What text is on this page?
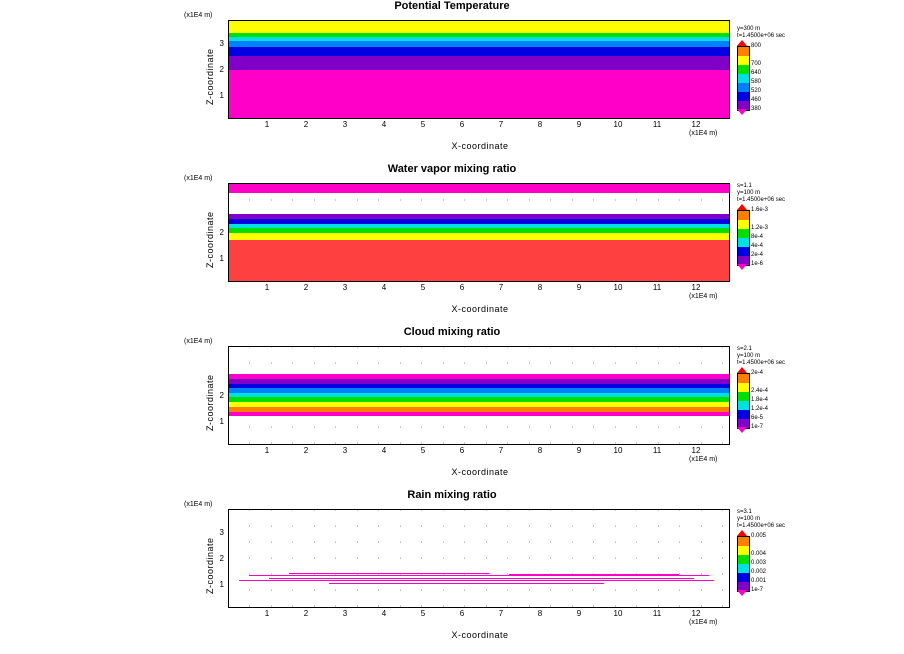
Potential Temperature
(x1E4 m)
Z-coordinate 1
2
3
1	2	3	4	5	6	7	8	9	10	11	12
(x1E4 m)
X-coordinate
y=300 m
t=1.4500e+06 sec
800
700
640
580
520
460
380
Water vapor mixing ratio
(x1E4 m)
Z-coordinate 1
2
1	2	3	4	5	6	7	8	9	10	11	12
(x1E4 m)
X-coordinate
s=1.1
y=100 m
t=1.4500e+06 sec
1.6e-3
1.2e-3
8e-4
4e-4
2e-4
1e-6
Cloud mixing ratio
(x1E4 m)
Z-coordinate 1
2
1	2	3	4	5	6	7	8	9	10	11	12
(x1E4 m)
X-coordinate
s=2.1
y=100 m
t=1.4500e+06 sec
2e-4
2.4e-4
1.8e-4
1.2e-4
6e-5
1e-7
Rain mixing ratio
(x1E4 m)
Z-coordinate 1
2
3
1	2	3	4	5	6	7	8	9	10	11	12
(x1E4 m)
X-coordinate
s=3.1
y=100 m
t=1.4500e+06 sec
0.005
0.004
0.003
0.002
0.001
1e-7
